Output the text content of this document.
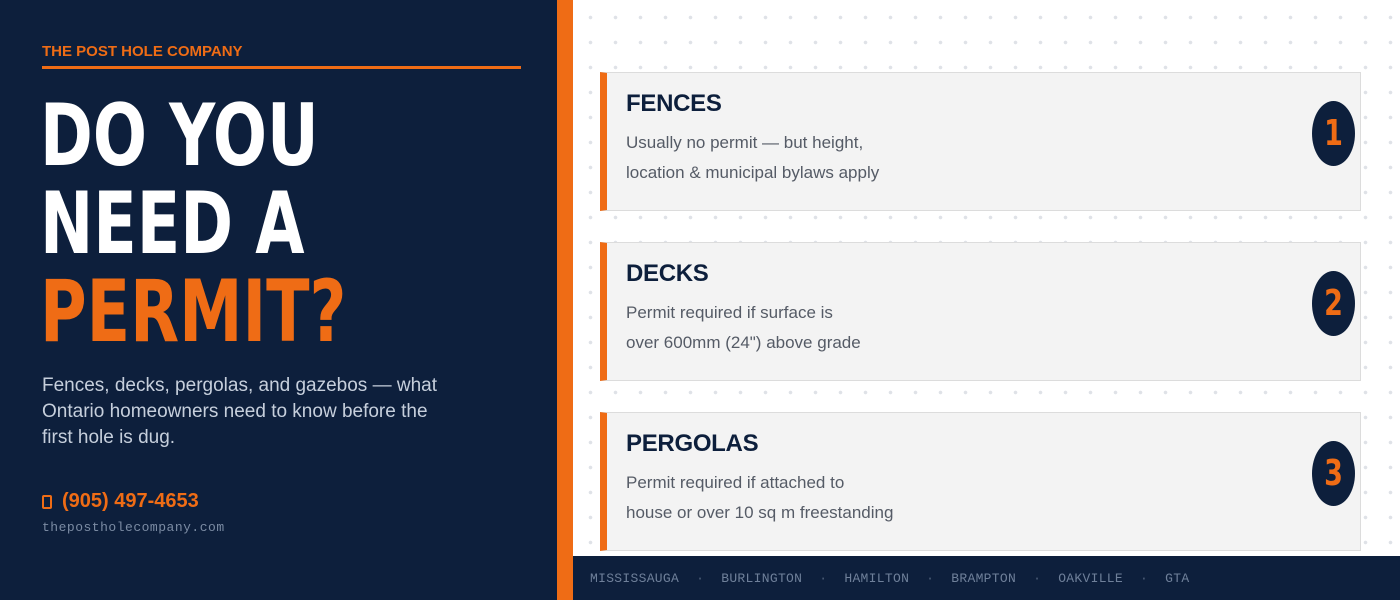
THE POST HOLE COMPANY
DO YOU
NEED A
PERMIT?

Fences, decks, pergolas, and gazebos — what Ontario homeowners need to know before the first hole is dug.

(905) 497-4653
thepostholecompany.com
FENCES
Usually no permit — but height,
location & municipal bylaws apply
1
DECKS
Permit required if surface is
over 600mm (24") above grade
2
PERGOLAS
Permit required if attached to
house or over 10 sq m freestanding
3
MISSISSAUGA · BURLINGTON · HAMILTON · BRAMPTON · OAKVILLE · GTA
